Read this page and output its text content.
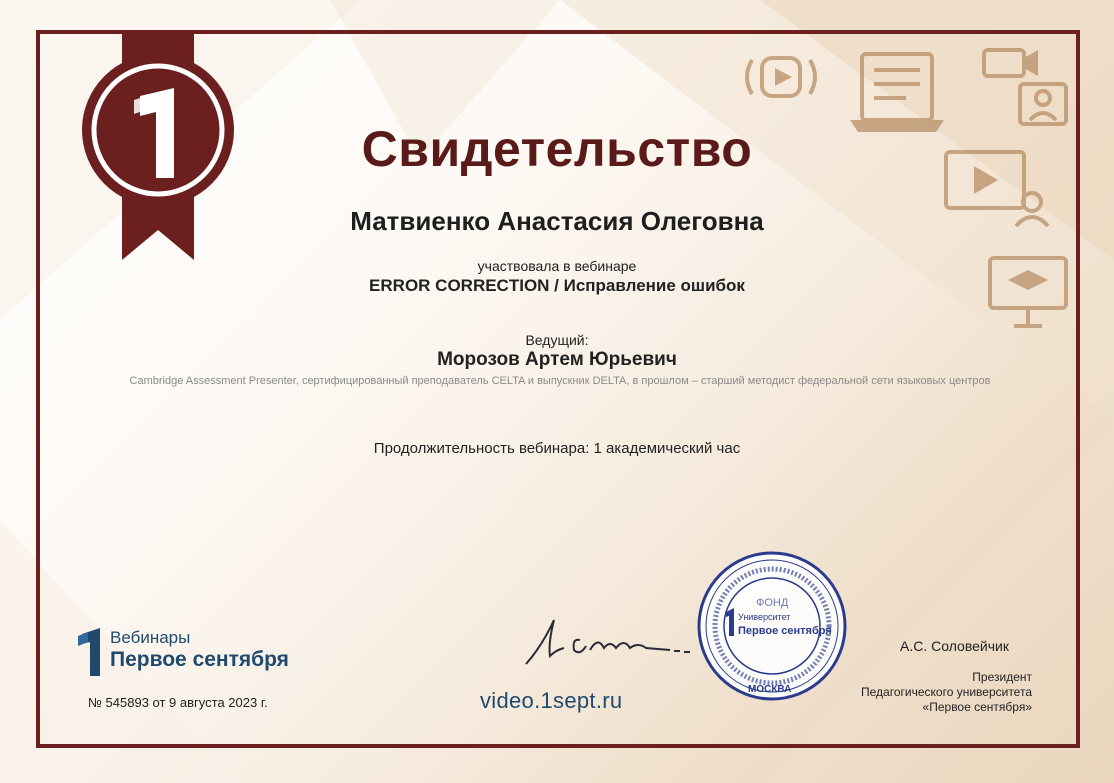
Свидетельство
Матвиенко Анастасия Олеговна
участвовала в вебинаре
ERROR CORRECTION / Исправление ошибок
Ведущий:
Морозов Артем Юрьевич
Cambridge Assessment Presenter, сертифицированный преподаватель CELTA и выпускник DELTA, в прошлом – старший методист федеральной сети языковых центров
Продолжительность вебинара: 1 академический час
Вебинары
Первое сентября
№ 545893 от 9 августа 2023 г.	video.1sept.ru
ФОНД
Университет
Первое сентября
МОСКВА
А.С. Соловейчик
Президент
Педагогического университета
«Первое сентября»
